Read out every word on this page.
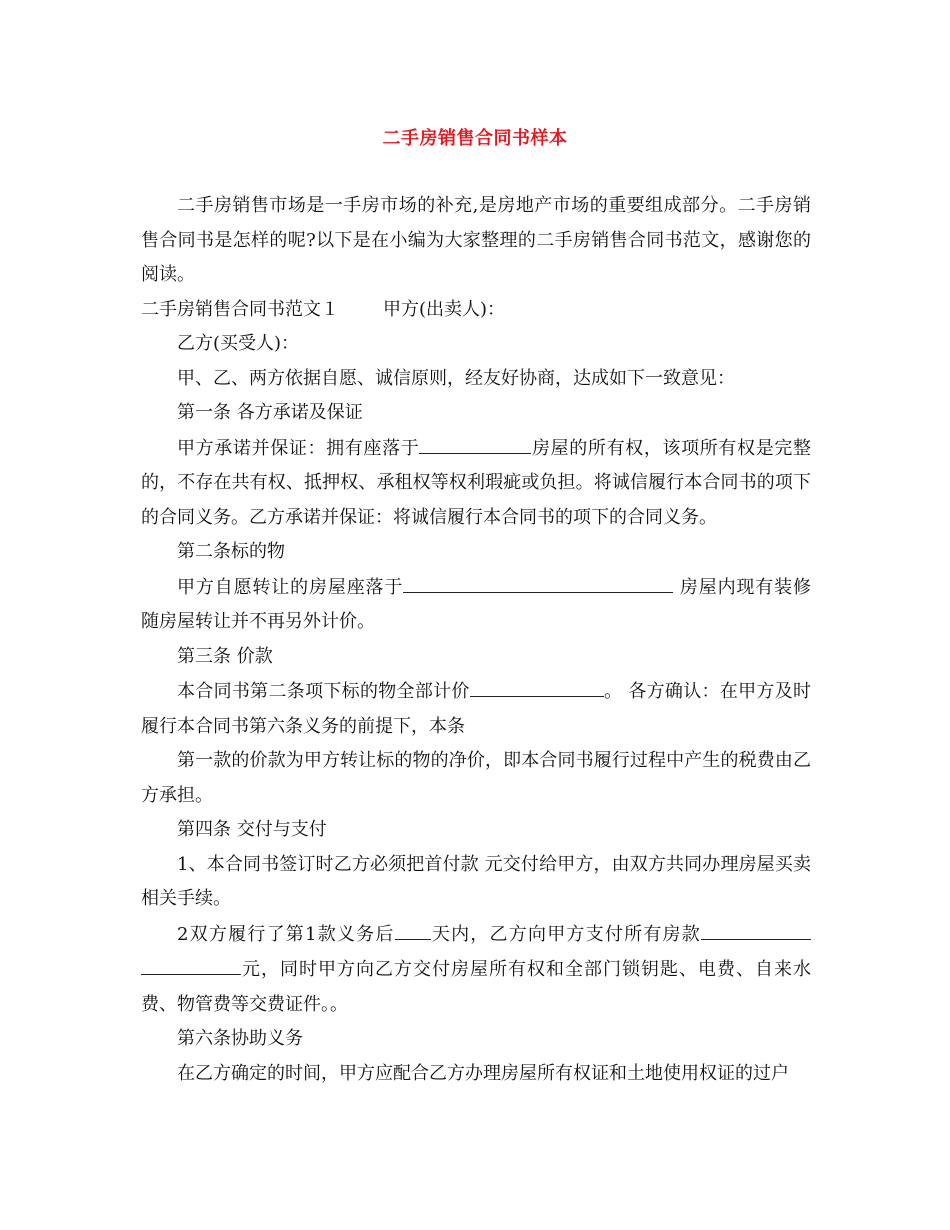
二手房销售合同书样本

二手房销售市场是一手房市场的补充,是房地产市场的重要组成部分。二手房销售合同书是怎样的呢?以下是在小编为大家整理的二手房销售合同书范文，感谢您的阅读。

二手房销售合同书范文１ 甲方(出卖人)：

乙方(买受人)：

甲、乙、两方依据自愿、诚信原则，经友好协商，达成如下一致意见：

第一条 各方承诺及保证

甲方承诺并保证：拥有座落于	房屋的所有权，该项所有权是完整的，不存在共有权、抵押权、承租权等权利瑕疵或负担。将诚信履行本合同书的项下的合同义务。乙方承诺并保证：将诚信履行本合同书的项下的合同义务。

第二条标的物

甲方自愿转让的房屋座落于	房屋内现有装修随房屋转让并不再另外计价。

第三条 价款

本合同书第二条项下标的物全部计价	。 各方确认：在甲方及时履行本合同书第六条义务的前提下，本条

第一款的价款为甲方转让标的物的净价，即本合同书履行过程中产生的税费由乙方承担。

第四条 交付与支付

1、本合同书签订时乙方必须把首付款 元交付给甲方，由双方共同办理房屋买卖相关手续。

2双方履行了第1款义务后 天内，乙方向甲方支付所有房款元，同时甲方向乙方交付房屋所有权和全部门锁钥匙、电费、自来水费、物管费等交费证件。。

第六条协助义务

在乙方确定的时间，甲方应配合乙方办理房屋所有权证和土地使用权证的过户
